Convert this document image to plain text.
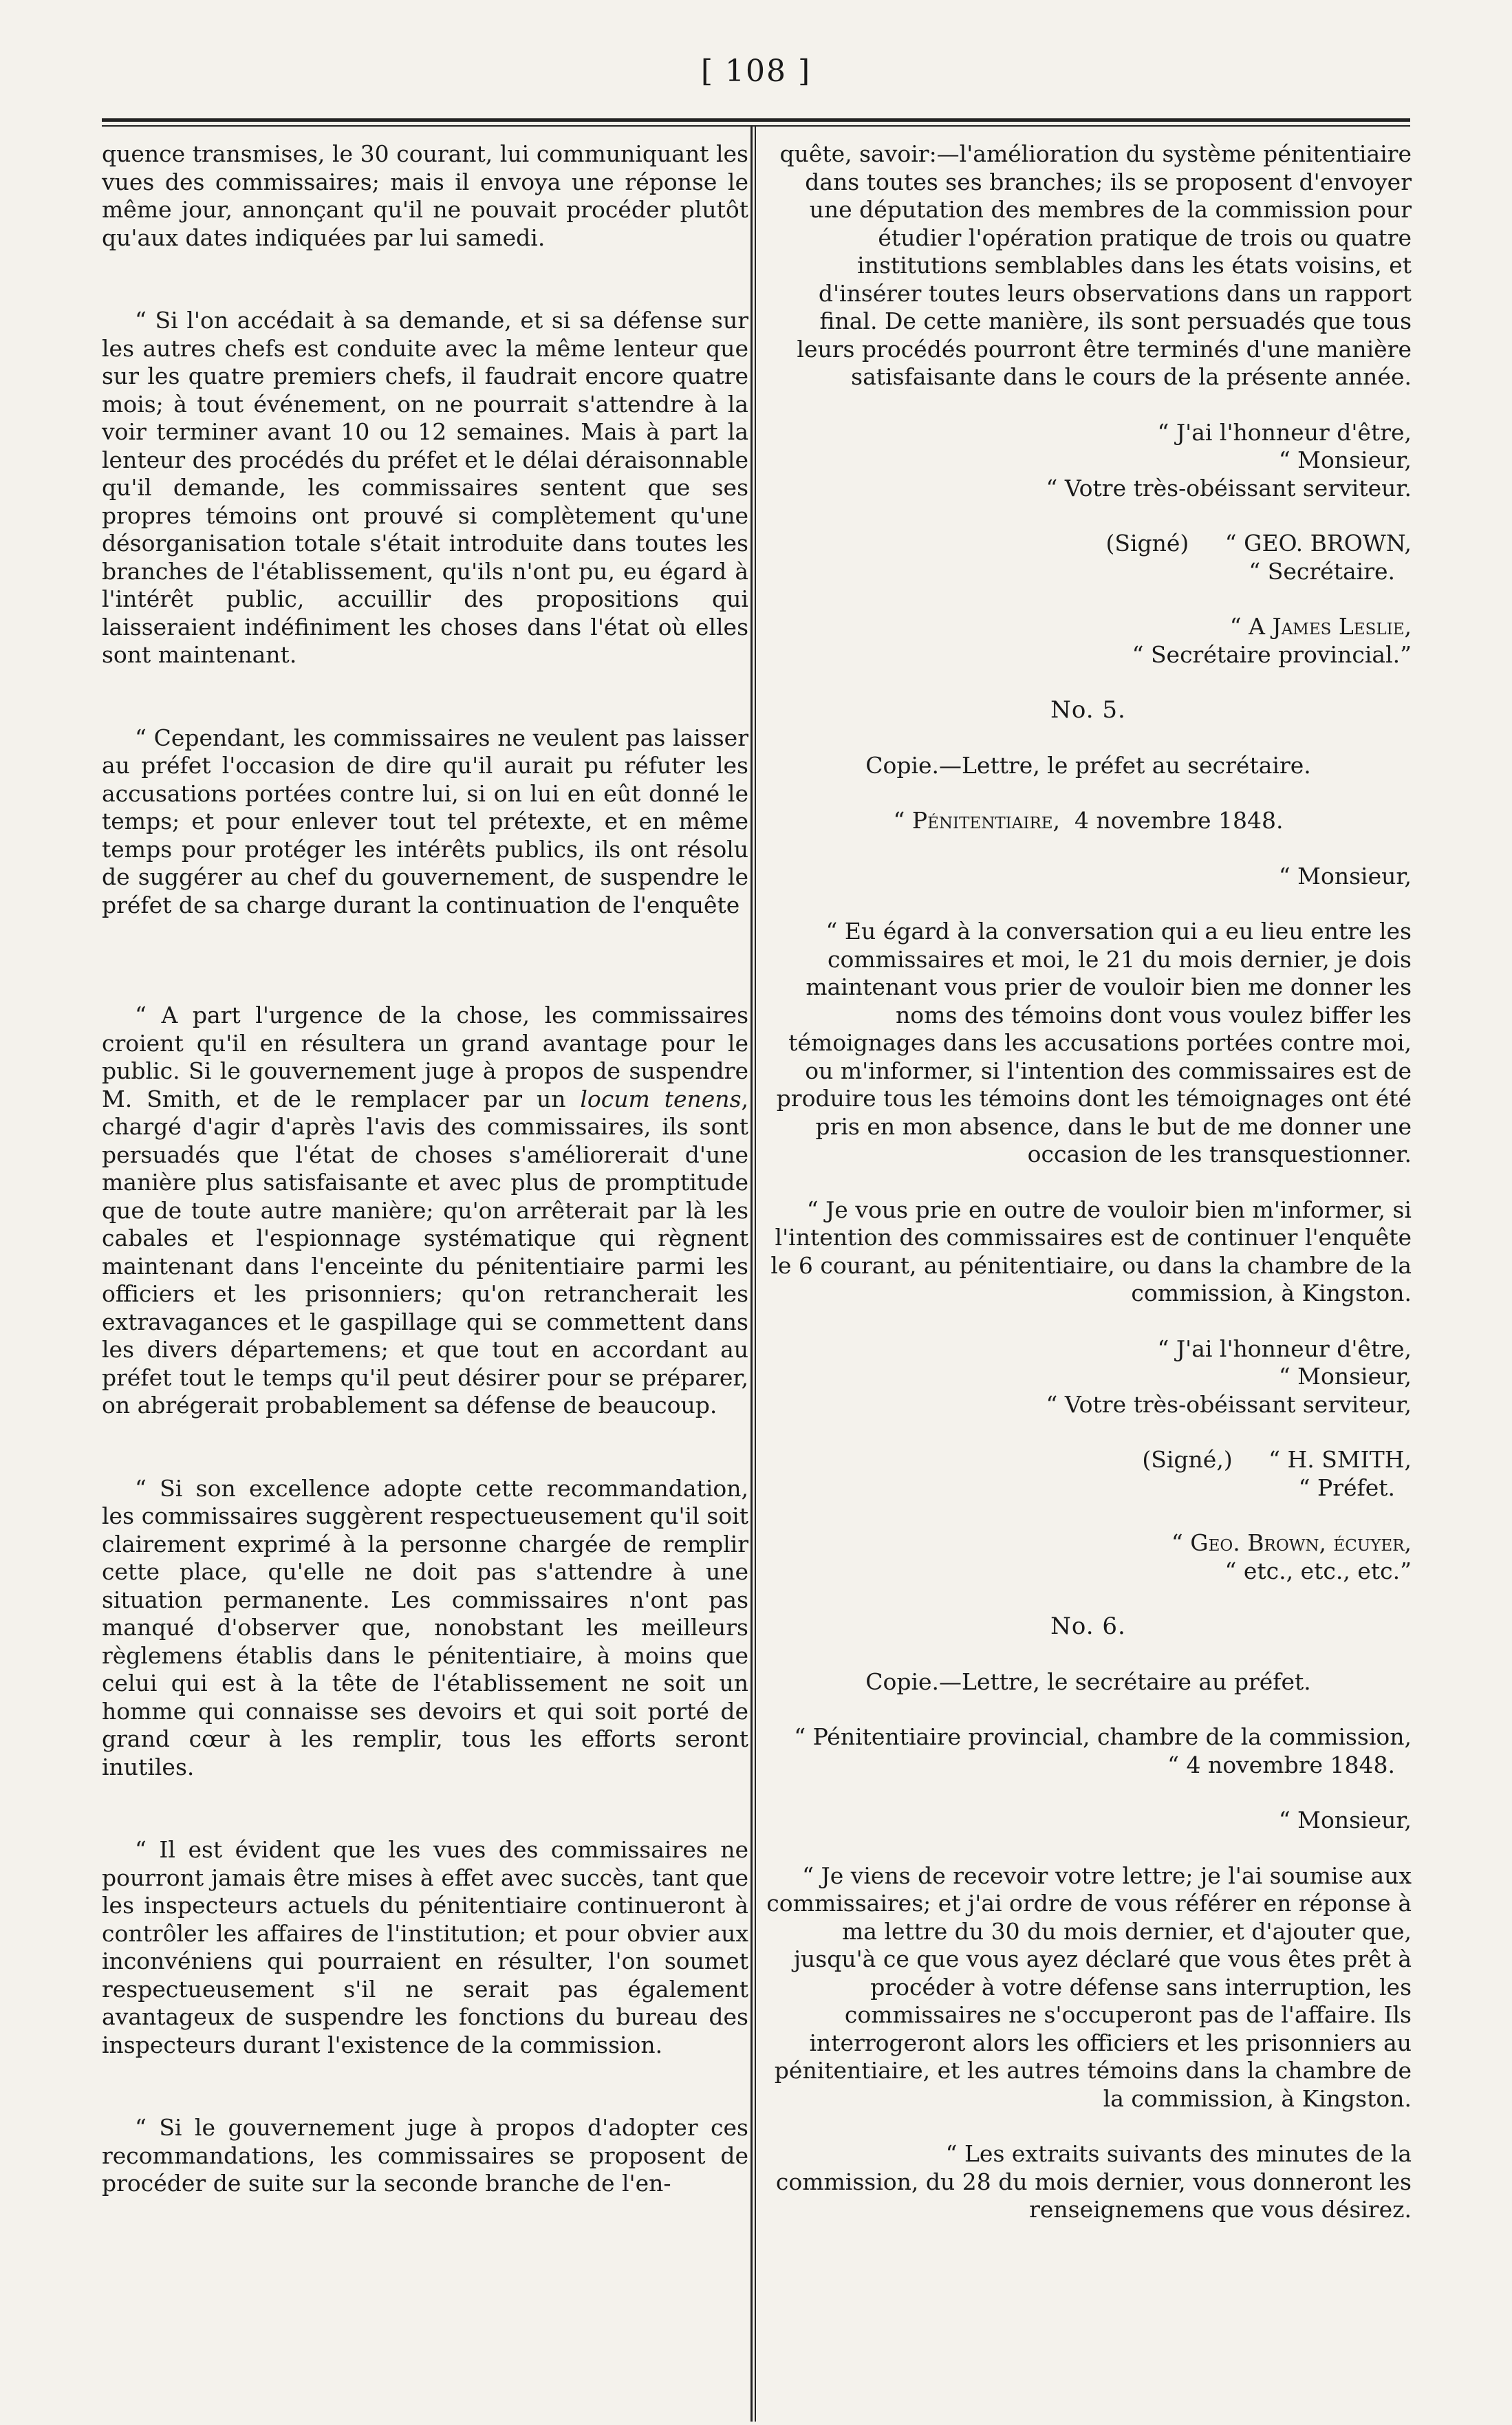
[ 108 ]

quence transmises, le 30 courant, lui communiquant les vues des commissaires; mais il envoya une réponse le même jour, annonçant qu'il ne pouvait procéder plutôt qu'aux dates indiquées par lui samedi.

“ Si l'on accédait à sa demande, et si sa défense sur les autres chefs est conduite avec la même lenteur que sur les quatre premiers chefs, il faudrait encore quatre mois; à tout événement, on ne pourrait s'attendre à la voir terminer avant 10 ou 12 semaines. Mais à part la lenteur des procédés du préfet et le délai déraisonnable qu'il demande, les commissaires sentent que ses propres témoins ont prouvé si complètement qu'une désorganisation totale s'était introduite dans toutes les branches de l'établissement, qu'ils n'ont pu, eu égard à l'intérêt public, accuillir des propositions qui laisseraient indéfiniment les choses dans l'état où elles sont maintenant.

“ Cependant, les commissaires ne veulent pas laisser au préfet l'occasion de dire qu'il aurait pu réfuter les accusations portées contre lui, si on lui en eût donné le temps; et pour enlever tout tel prétexte, et en même temps pour protéger les intérêts publics, ils ont résolu de suggérer au chef du gouvernement, de suspendre le préfet de sa charge durant la continuation de l'enquête

“ A part l'urgence de la chose, les commissaires croient qu'il en résultera un grand avantage pour le public. Si le gouvernement juge à propos de suspendre M. Smith, et de le remplacer par un locum tenens, chargé d'agir d'après l'avis des commissaires, ils sont persuadés que l'état de choses s'améliorerait d'une manière plus satisfaisante et avec plus de promptitude que de toute autre manière; qu'on arrêterait par là les cabales et l'espionnage systématique qui règnent maintenant dans l'enceinte du pénitentiaire parmi les officiers et les prisonniers; qu'on retrancherait les extravagances et le gaspillage qui se commettent dans les divers départemens; et que tout en accordant au préfet tout le temps qu'il peut désirer pour se préparer, on abrégerait probablement sa défense de beaucoup.

“ Si son excellence adopte cette recommandation, les commissaires suggèrent respectueusement qu'il soit clairement exprimé à la personne chargée de remplir cette place, qu'elle ne doit pas s'attendre à une situation permanente. Les commissaires n'ont pas manqué d'observer que, nonobstant les meilleurs règlemens établis dans le pénitentiaire, à moins que celui qui est à la tête de l'établissement ne soit un homme qui connaisse ses devoirs et qui soit porté de grand cœur à les remplir, tous les efforts seront inutiles.

“ Il est évident que les vues des commissaires ne pourront jamais être mises à effet avec succès, tant que les inspecteurs actuels du pénitentiaire continueront à contrôler les affaires de l'institution; et pour obvier aux inconvéniens qui pourraient en résulter, l'on soumet respectueusement s'il ne serait pas également avantageux de suspendre les fonctions du bureau des inspecteurs durant l'existence de la commission.

“ Si le gouvernement juge à propos d'adopter ces recommandations, les commissaires se proposent de procéder de suite sur la seconde branche de l'en-

quête, savoir:—l'amélioration du système pénitentiaire dans toutes ses branches; ils se proposent d'envoyer une députation des membres de la commission pour étudier l'opération pratique de trois ou quatre institutions semblables dans les états voisins, et d'insérer toutes leurs observations dans un rapport final. De cette manière, ils sont persuadés que tous leurs procédés pourront être terminés d'une manière satisfaisante dans le cours de la présente année.

“ J'ai l'honneur d'être,

“ Monsieur,

“ Votre très-obéissant serviteur.

(Signé) “ GEO. BROWN,

“ Secrétaire.

“ A James Leslie,

“ Secrétaire provincial.”

No. 5.

Copie.—Lettre, le préfet au secrétaire.

“ Pénitentiaire, 4 novembre 1848.

“ Monsieur,

“ Eu égard à la conversation qui a eu lieu entre les commissaires et moi, le 21 du mois dernier, je dois maintenant vous prier de vouloir bien me donner les noms des témoins dont vous voulez biffer les témoignages dans les accusations portées contre moi, ou m'informer, si l'intention des commissaires est de produire tous les témoins dont les témoignages ont été pris en mon absence, dans le but de me donner une occasion de les transquestionner.

“ Je vous prie en outre de vouloir bien m'informer, si l'intention des commissaires est de continuer l'enquête le 6 courant, au pénitentiaire, ou dans la chambre de la commission, à Kingston.

“ J'ai l'honneur d'être,

“ Monsieur,

“ Votre très-obéissant serviteur,

(Signé,) “ H. SMITH,

“ Préfet.

“ Geo. Brown, écuyer,

“ etc., etc., etc.”

No. 6.

Copie.—Lettre, le secrétaire au préfet.

“ Pénitentiaire provincial, chambre de la commission,

“ 4 novembre 1848.

“ Monsieur,

“ Je viens de recevoir votre lettre; je l'ai soumise aux commissaires; et j'ai ordre de vous référer en réponse à ma lettre du 30 du mois dernier, et d'ajouter que, jusqu'à ce que vous ayez déclaré que vous êtes prêt à procéder à votre défense sans interruption, les commissaires ne s'occuperont pas de l'affaire. Ils interrogeront alors les officiers et les prisonniers au pénitentiaire, et les autres témoins dans la chambre de la commission, à Kingston.

“ Les extraits suivants des minutes de la commission, du 28 du mois dernier, vous donneront les renseignemens que vous désirez.
